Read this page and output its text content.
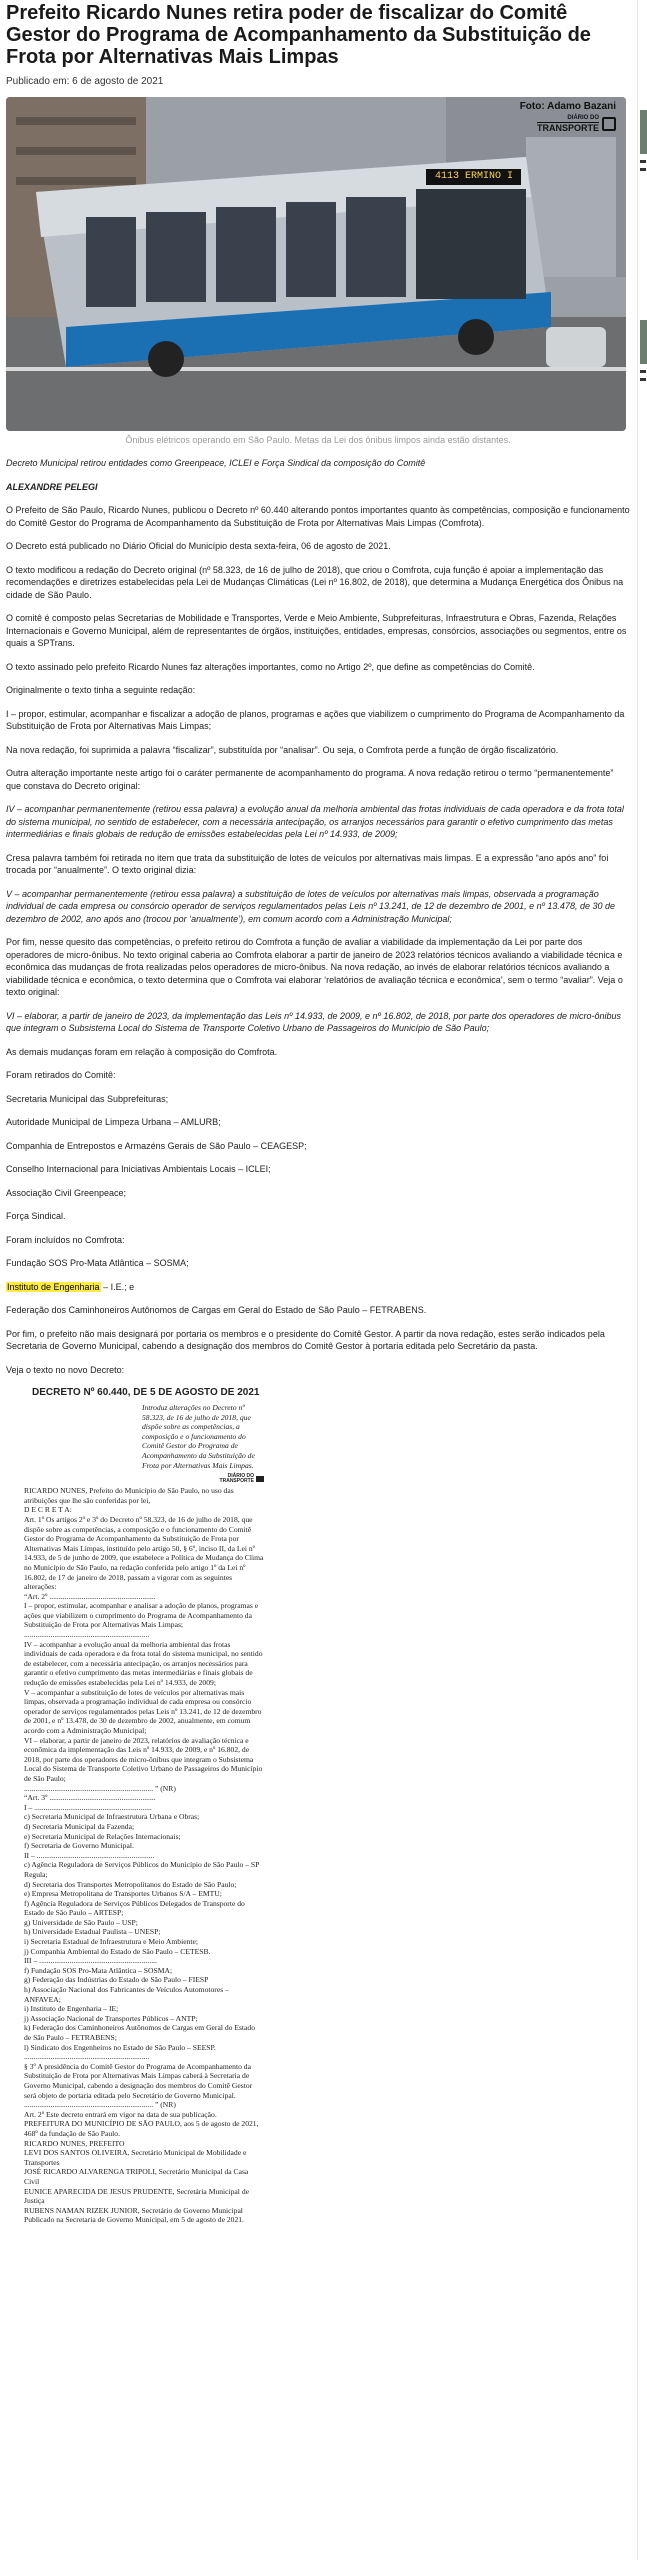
Prefeito Ricardo Nunes retira poder de fiscalizar do Comitê Gestor do Programa de Acompanhamento da Substituição de Frota por Alternativas Mais Limpas
Publicado em: 6 de agosto de 2021
4113 ERMINO I
Foto: Adamo Bazani
DIÁRIO DO
TRANSPORTE
Ônibus elétricos operando em São Paulo. Metas da Lei dos ônibus limpos ainda estão distantes.

Decreto Municipal retirou entidades como Greenpeace, ICLEI e Força Sindical da composição do Comitê

ALEXANDRE PELEGI

O Prefeito de São Paulo, Ricardo Nunes, publicou o Decreto nº 60.440 alterando pontos importantes quanto às competências, composição e funcionamento do Comitê Gestor do Programa de Acompanhamento da Substituição de Frota por Alternativas Mais Limpas (Comfrota).

O Decreto está publicado no Diário Oficial do Município desta sexta-feira, 06 de agosto de 2021.

O texto modificou a redação do Decreto original (nº 58.323, de 16 de julho de 2018), que criou o Comfrota, cuja função é apoiar a implementação das recomendações e diretrizes estabelecidas pela Lei de Mudanças Climáticas (Lei nº 16.802, de 2018), que determina a Mudança Energética dos Ônibus na cidade de São Paulo.

O comitê é composto pelas Secretarias de Mobilidade e Transportes, Verde e Meio Ambiente, Subprefeituras, Infraestrutura e Obras, Fazenda, Relações Internacionais e Governo Municipal, além de representantes de órgãos, instituições, entidades, empresas, consórcios, associações ou segmentos, entre os quais a SPTrans.

O texto assinado pelo prefeito Ricardo Nunes faz alterações importantes, como no Artigo 2º, que define as competências do Comitê.

Originalmente o texto tinha a seguinte redação:

I – propor, estimular, acompanhar e fiscalizar a adoção de planos, programas e ações que viabilizem o cumprimento do Programa de Acompanhamento da Substituição de Frota por Alternativas Mais Limpas;

Na nova redação, foi suprimida a palavra “fiscalizar”, substituída por “analisar”. Ou seja, o Comfrota perde a função de órgão fiscalizatório.

Outra alteração importante neste artigo foi o caráter permanente de acompanhamento do programa. A nova redação retirou o termo “permanentemente” que constava do Decreto original:

IV – acompanhar permanentemente (retirou essa palavra) a evolução anual da melhoria ambiental das frotas individuais de cada operadora e da frota total do sistema municipal, no sentido de estabelecer, com a necessária antecipação, os arranjos necessários para garantir o efetivo cumprimento das metas intermediárias e finais globais de redução de emissões estabelecidas pela Lei nº 14.933, de 2009;

Cresa palavra também foi retirada no item que trata da substituição de lotes de veículos por alternativas mais limpas. E a expressão “ano após ano” foi trocada por “anualmente”. O texto original dizia:

V – acompanhar permanentemente (retirou essa palavra) a substituição de lotes de veículos por alternativas mais limpas, observada a programação individual de cada empresa ou consórcio operador de serviços regulamentados pelas Leis nº 13.241, de 12 de dezembro de 2001, e nº 13.478, de 30 de dezembro de 2002, ano após ano (trocou por ‘anualmente’), em comum acordo com a Administração Municipal;

Por fim, nesse quesito das competências, o prefeito retirou do Comfrota a função de avaliar a viabilidade da implementação da Lei por parte dos operadores de micro-ônibus. No texto original caberia ao Comfrota elaborar a partir de janeiro de 2023 relatórios técnicos avaliando a viabilidade técnica e econômica das mudanças de frota realizadas pelos operadores de micro-ônibus. Na nova redação, ao invés de elaborar relatórios técnicos avaliando a viabilidade técnica e econômica, o texto determina que o Comfrota vai elaborar ‘relatórios de avaliação técnica e econômica’, sem o termo “avaliar”. Veja o texto original:

VI – elaborar, a partir de janeiro de 2023, da implementação das Leis nº 14.933, de 2009, e nº 16.802, de 2018, por parte dos operadores de micro-ônibus que integram o Subsistema Local do Sistema de Transporte Coletivo Urbano de Passageiros do Município de São Paulo;

As demais mudanças foram em relação à composição do Comfrota.

Foram retirados do Comitê:

Secretaria Municipal das Subprefeituras;

Autoridade Municipal de Limpeza Urbana – AMLURB;

Companhia de Entrepostos e Armazéns Gerais de São Paulo – CEAGESP;

Conselho Internacional para Iniciativas Ambientais Locais – ICLEI;

Associação Civil Greenpeace;

Força Sindical.

Foram incluídos no Comfrota:

Fundação SOS Pro-Mata Atlântica – SOSMA;

Instituto de Engenharia – I.E.; e

Federação dos Caminhoneiros Autônomos de Cargas em Geral do Estado de São Paulo – FETRABENS.

Por fim, o prefeito não mais designará por portaria os membros e o presidente do Comitê Gestor. A partir da nova redação, estes serão indicados pela Secretaria de Governo Municipal, cabendo a designação dos membros do Comitê Gestor à portaria editada pelo Secretário da pasta.

Veja o texto no novo Decreto:

DECRETO Nº 60.440, DE 5 DE AGOSTO DE 2021
Introduz alterações no Decreto nº 58.323, de 16 de julho de 2018, que dispõe sobre as competências, a composição e o funcionamento do Comitê Gestor do Programa de Acompanhamento da Substituição de Frota por Alternativas Mais Limpas.
DIÁRIO DO
TRANSPORTE
RICARDO NUNES, Prefeito do Município de São Paulo, no uso das atribuições que lhe são conferidas por lei,
D E C R E T A:
Art. 1º Os artigos 2º e 3º do Decreto nº 58.323, de 16 de julho de 2018, que dispõe sobre as competências, a composição e o funcionamento do Comitê Gestor do Programa de Acompanhamento da Substituição de Frota por Alternativas Mais Limpas, instituído pelo artigo 50, § 6º, inciso II, da Lei nº 14.933, de 5 de junho de 2009, que estabelece a Política de Mudança do Clima no Município de São Paulo, na redação conferida pelo artigo 1º da Lei nº 16.802, de 17 de janeiro de 2018, passam a vigorar com as seguintes alterações:
“Art. 2º ........................................................
I – propor, estimular, acompanhar e analisar a adoção de planos, programas e ações que viabilizem o cumprimento do Programa de Acompanhamento da Substituição de Frota por Alternativas Mais Limpas;
..................................................................
IV – acompanhar a evolução anual da melhoria ambiental das frotas individuais de cada operadora e da frota total do sistema municipal, no sentido de estabelecer, com a necessária antecipação, os arranjos necessários para garantir o efetivo cumprimento das metas intermediárias e finais globais de redução de emissões estabelecidas pela Lei nº 14.933, de 2009;
V – acompanhar a substituição de lotes de veículos por alternativas mais limpas, observada a programação individual de cada empresa ou consórcio operador de serviços regulamentados pelas Leis nº 13.241, de 12 de dezembro de 2001, e nº 13.478, de 30 de dezembro de 2002, anualmente, em comum acordo com a Administração Municipal;
VI – elaborar, a partir de janeiro de 2023, relatórios de avaliação técnica e econômica da implementação das Leis nº 14.933, de 2009, e nº 16.802, de 2018, por parte dos operadores de micro-ônibus que integram o Subsistema Local do Sistema de Transporte Coletivo Urbano de Passageiros do Município de São Paulo;
.................................................................... ” (NR)
“Art. 3º ........................................................
I – ..............................................................
c) Secretaria Municipal de Infraestrutura Urbana e Obras;
d) Secretaria Municipal da Fazenda;
e) Secretaria Municipal de Relações Internacionais;
f) Secretaria de Governo Municipal.
II – ..............................................................
c) Agência Reguladora de Serviços Públicos do Município de São Paulo – SP Regula;
d) Secretaria dos Transportes Metropolitanos do Estado de São Paulo;
e) Empresa Metropolitana de Transportes Urbanos S/A – EMTU;
f) Agência Reguladora de Serviços Públicos Delegados de Transporte do Estado de São Paulo – ARTESP;
g) Universidade de São Paulo – USP;
h) Universidade Estadual Paulista – UNESP;
i) Secretaria Estadual de Infraestrutura e Meio Ambiente;
j) Companhia Ambiental do Estado de São Paulo – CETESB.
III – ..............................................................
f) Fundação SOS Pro-Mata Atlântica – SOSMA;
g) Federação das Indústrias do Estado de São Paulo – FIESP
h) Associação Nacional dos Fabricantes de Veículos Automotores – ANFAVEA;
i) Instituto de Engenharia – IE;
j) Associação Nacional de Transportes Públicos – ANTP;
k) Federação dos Caminhoneiros Autônomos de Cargas em Geral do Estado de São Paulo – FETRABENS;
l) Sindicato dos Engenheiros no Estado de São Paulo – SEESP.
..................................................................
§ 3º A presidência do Comitê Gestor do Programa de Acompanhamento da Substituição de Frota por Alternativas Mais Limpas caberá à Secretaria de Governo Municipal, cabendo a designação dos membros do Comitê Gestor será objeto de portaria editada pelo Secretário de Governo Municipal.
.................................................................... ” (NR)
Art. 2º Este decreto entrará em vigor na data de sua publicação.
PREFEITURA DO MUNICÍPIO DE SÃO PAULO, aos 5 de agosto de 2021, 468º da fundação de São Paulo.
RICARDO NUNES, PREFEITO
LEVI DOS SANTOS OLIVEIRA, Secretário Municipal de Mobilidade e Transportes
JOSÉ RICARDO ALVARENGA TRIPOLI, Secretário Municipal da Casa Civil
EUNICE APARECIDA DE JESUS PRUDENTE, Secretária Municipal de Justiça
RUBENS NAMAN RIZEK JUNIOR, Secretário de Governo Municipal
Publicado na Secretaria de Governo Municipal, em 5 de agosto de 2021.
